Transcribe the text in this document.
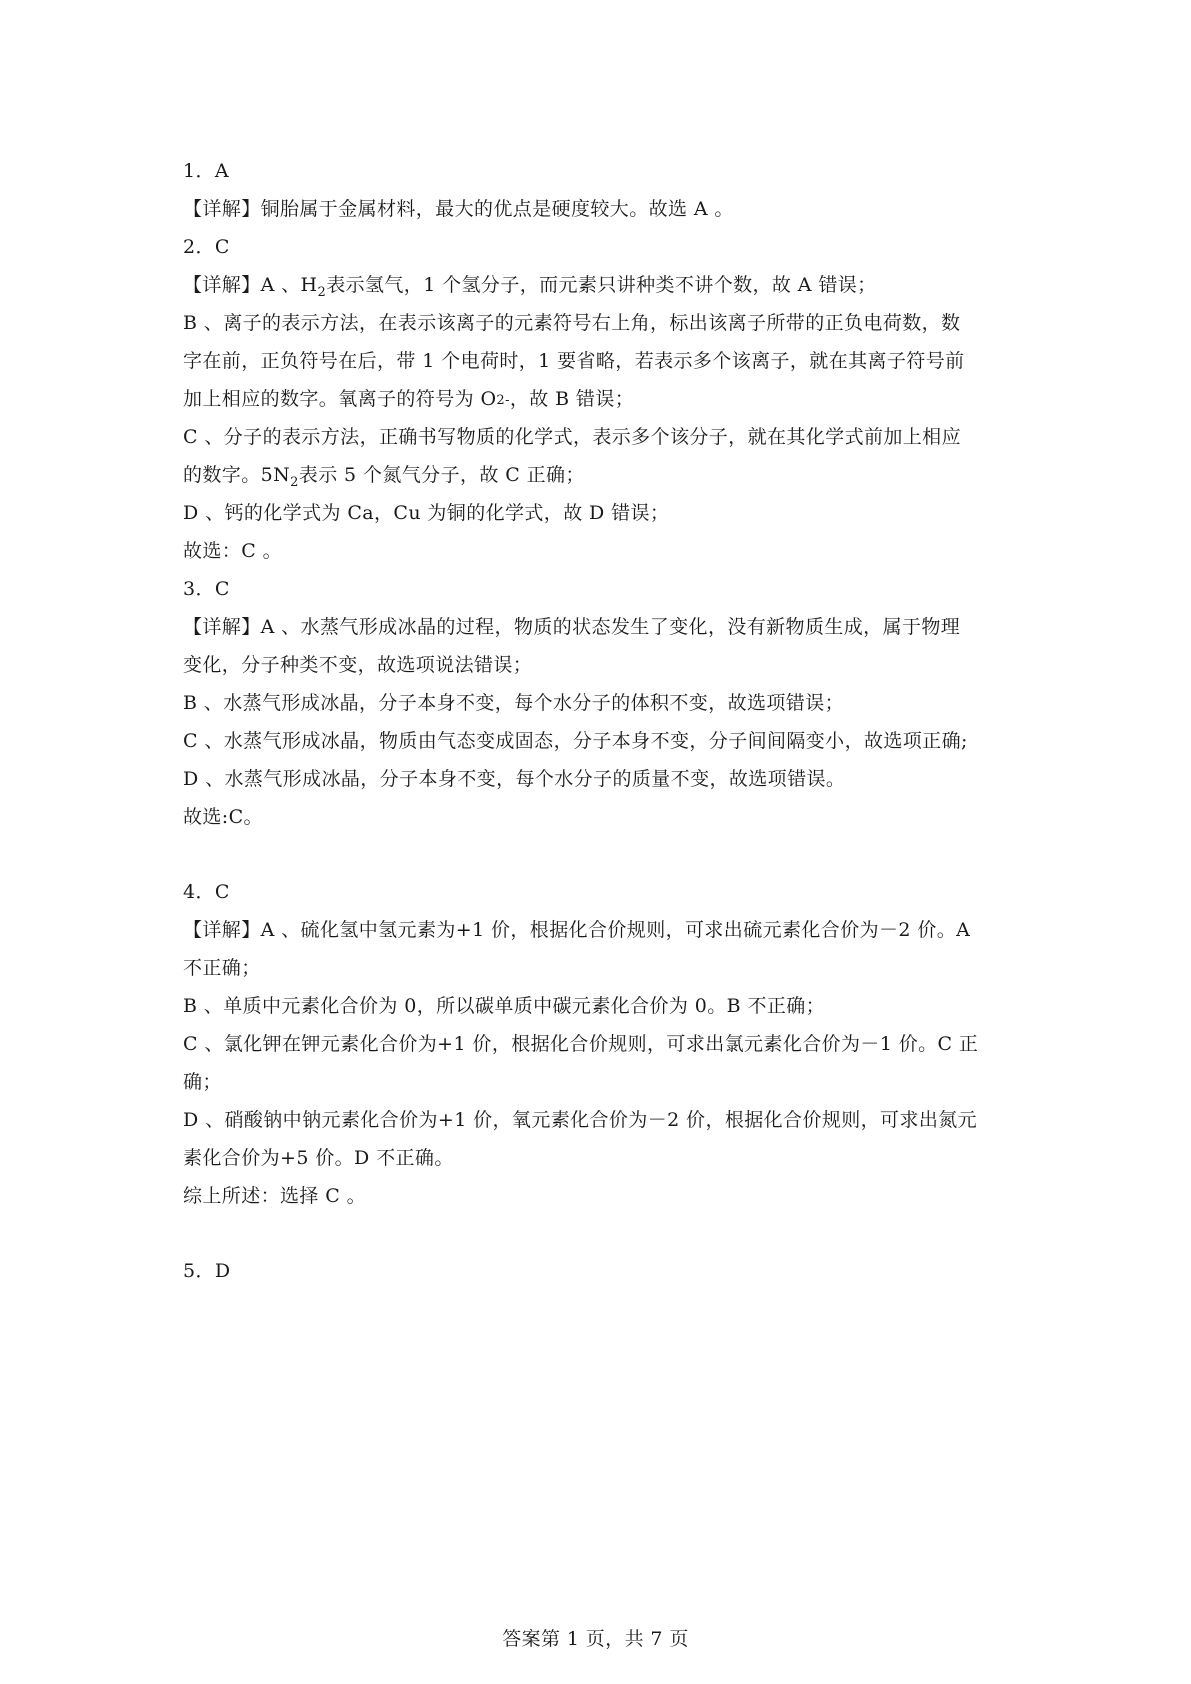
1．A
【详解】铜胎属于金属材料，最大的优点是硬度较大。故选 A 。
2．C
【详解】A 、$H_2$表示氢气，1 个氢分子，而元素只讲种类不讲个数，故 A 错误；
B 、离子的表示方法，在表示该离子的元素符号右上角，标出该离子所带的正负电荷数，数
字在前，正负符号在后，带 1 个电荷时，1 要省略，若表示多个该离子，就在其离子符号前
加上相应的数字。氧离子的符号为 O2-，故 B 错误；
C 、分子的表示方法，正确书写物质的化学式，表示多个该分子，就在其化学式前加上相应
的数字。$5N_2$表示 5 个氮气分子，故 C 正确；
D 、钙的化学式为 Ca，Cu 为铜的化学式，故 D 错误；
故选：C 。
3．C
【详解】A 、水蒸气形成冰晶的过程，物质的状态发生了变化，没有新物质生成，属于物理
变化，分子种类不变，故选项说法错误；
B 、水蒸气形成冰晶，分子本身不变，每个水分子的体积不变，故选项错误；
C 、水蒸气形成冰晶，物质由气态变成固态，分子本身不变，分子间间隔变小，故选项正确;
D 、水蒸气形成冰晶，分子本身不变，每个水分子的质量不变，故选项错误。
故选:C。
4．C
【详解】A 、硫化氢中氢元素为+1 价，根据化合价规则，可求出硫元素化合价为－2 价。A
不正确；
B 、单质中元素化合价为 0，所以碳单质中碳元素化合价为 0。B 不正确；
C 、氯化钾在钾元素化合价为+1 价，根据化合价规则，可求出氯元素化合价为－1 价。C 正
确；
D 、硝酸钠中钠元素化合价为+1 价，氧元素化合价为－2 价，根据化合价规则，可求出氮元
素化合价为+5 价。D 不正确。
综上所述：选择 C 。
5．D
答案第 1 页，共 7 页
